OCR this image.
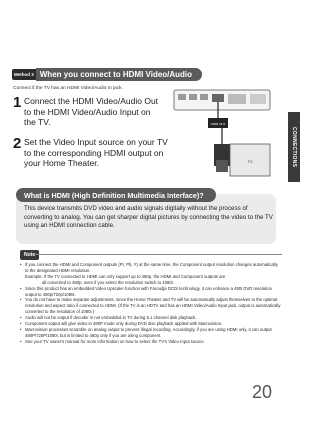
Method 3 When you connect to HDMI Video/Audio
Connect if the TV has an HDMI Video/Audio In jack.
1 Connect the HDMI Video/Audio Out to the HDMI Video/Audio Input on the TV.
2 Set the Video Input source on your TV to the corresponding HDMI output on your Home Theater.
HDMI OUT
TV	CONNECTIONS
What is HDMI (High Definition Multimedia Interface)?
This device transmits DVD video and audio signals digitally without the process of converting to analog. You can get sharper digital pictures by connecting the video to the TV using an HDMI connection cable.
Note
• If you connect the HDMI and Component outputs (Pr, Pb, Y) at the same time, the Component output resolution changes automatically to the designated HDMI resolution.
Example: If the TV connected to HDMI can only support up to 480p, the HDMI and Component outputs are
all converted to 480p, even if you select the resolution switch to 1080i.
• Since this product has an embedded Video Upscaler function with Faroudja DCDi technology, it can enhance a 480i DVD resolution output to 480p/720p/1080i.
• You do not have to make separate adjustments, since the Home Theater and TV will be automatically adjust themselves to the optimal resolution and aspect ratio if connected to HDMI. (If the TV is an HDTV and has an HDMI Video/Audio Input jack, output is automatically converted to the resolution of 1080i.)
• Audio will not be output if decoder is not embedded in TV during 5.1 channel disk playback.
• Component output will give video in 480P mode only during DVD disc playback applied with Macrovision.
• Macrovision processes scramble on analog output to prevent illegal recording. Accordingly, if you are using HDMI only, it can output 480P/720P/1080i, but is limited to 480p only if you are using component.
• See your TV owner's manual for more information on how to select the TV's Video Input source.
20
